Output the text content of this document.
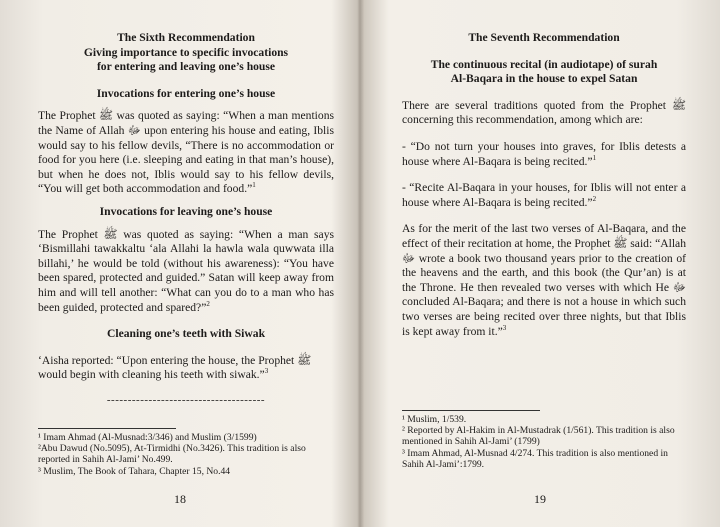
The Sixth Recommendation
Giving importance to specific invocations
for entering and leaving one’s house
Invocations for entering one’s house

The Prophet ﷺ was quoted as saying: “When a man mentions the Name of Allah ﷻ upon entering his house and eating, Iblis would say to his fellow devils, “There is no accommodation or food for you here (i.e. sleeping and eating in that man’s house), but when he does not, Iblis would say to his fellow devils, “You will get both accommodation and food.”$^1$

Invocations for leaving one’s house

The Prophet ﷺ was quoted as saying: “When a man says ‘Bismillahi tawakkaltu ‘ala Allahi la hawla wala quwwata illa billahi,’ he would be told (without his awareness): “You have been spared, protected and guided.” Satan will keep away from him and will tell another: “What can you do to a man who has been guided, protected and spared?”$^2$

Cleaning one’s teeth with Siwak

‘Aisha reported: “Upon entering the house, the Prophet ﷺ would begin with cleaning his teeth with siwak.”$^3$

--------------------------------------
¹ Imam Ahmad (Al-Musnad:3/346) and Muslim (3/1599)
²Abu Dawud (No.5095), At-Tirmidhi (No.3426). This tradition is also reported in Sahih Al-Jami’ No.499.
³ Muslim, The Book of Tahara, Chapter 15, No.44
18
The Seventh Recommendation
The continuous recital (in audiotape) of surah
Al-Baqara in the house to expel Satan

There are several traditions quoted from the Prophet ﷺ concerning this recommendation, among which are:

- “Do not turn your houses into graves, for Iblis detests a house where Al-Baqara is being recited.”$^1$

- “Recite Al-Baqara in your houses, for Iblis will not enter a house where Al-Baqara is being recited.”$^2$

As for the merit of the last two verses of Al-Baqara, and the effect of their recitation at home, the Prophet ﷺ said: “Allah ﷻ wrote a book two thousand years prior to the creation of the heavens and the earth, and this book (the Qur’an) is at the Throne. He then revealed two verses with which He ﷻ concluded Al-Baqara; and there is not a house in which such two verses are being recited over three nights, but that Iblis is kept away from it.”$^3$

¹ Muslim, 1/539.
² Reported by Al-Hakim in Al-Mustadrak (1/561). This tradition is also mentioned in Sahih Al-Jami’ (1799)
³ Imam Ahmad, Al-Musnad 4/274. This tradition is also mentioned in Sahih Al-Jami’:1799.
19
